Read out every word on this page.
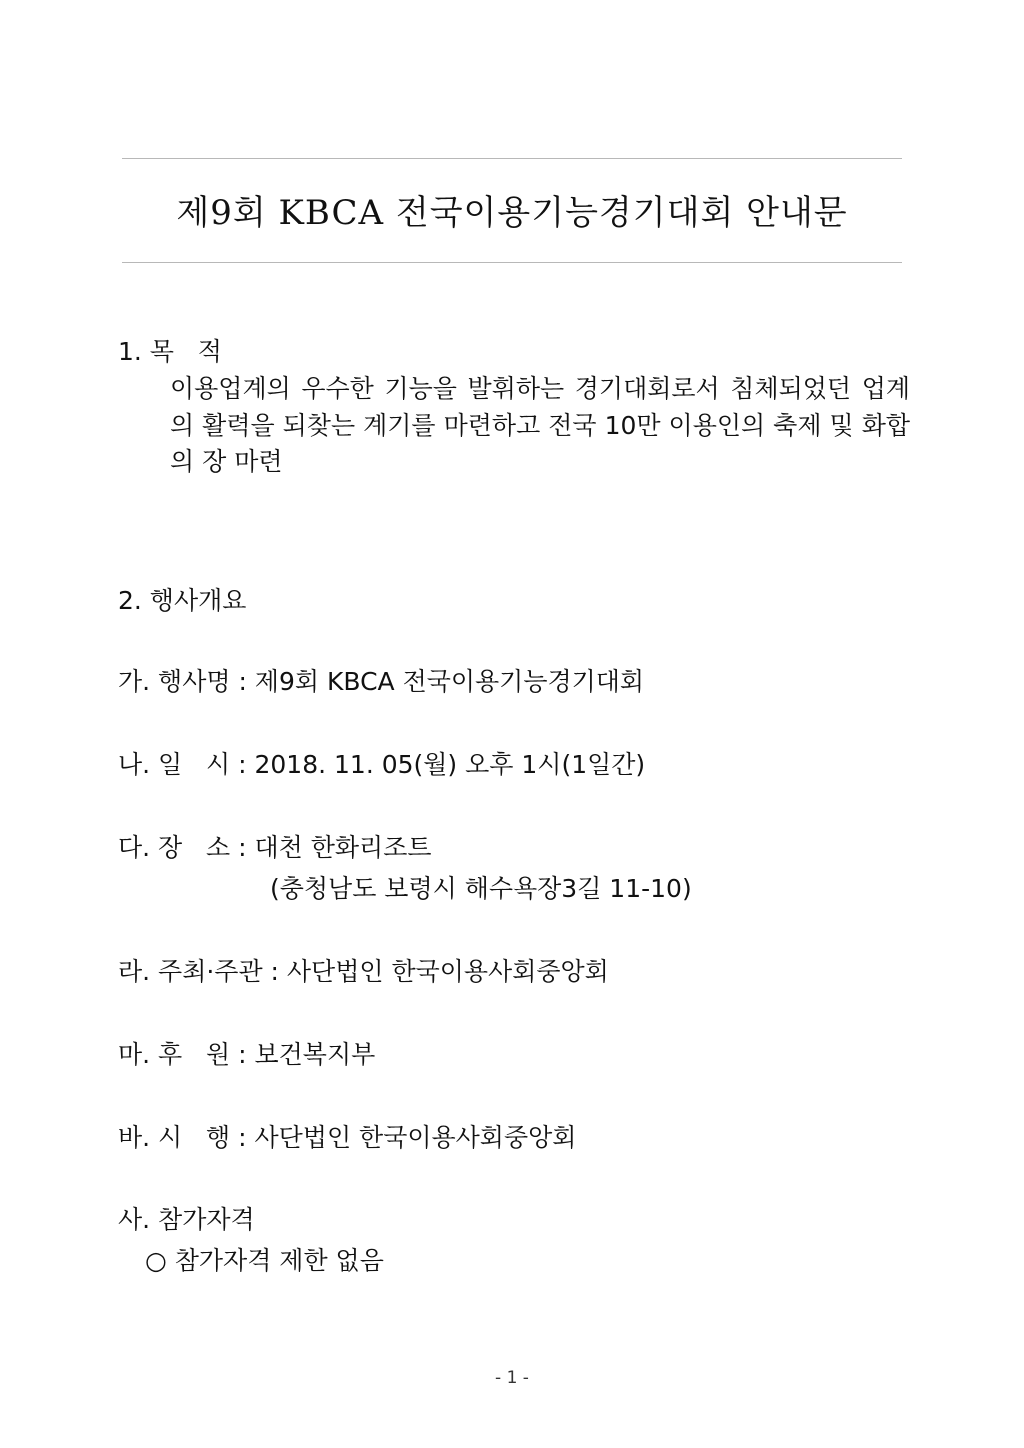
제9회 KBCA 전국이용기능경기대회 안내문
1. 목   적
이용업계의 우수한 기능을 발휘하는 경기대회로서 침체되었던 업계의 활력을 되찾는 계기를 마련하고 전국 10만 이용인의 축제 및 화합의 장 마련
2. 행사개요
가. 행사명 : 제9회 KBCA 전국이용기능경기대회
나. 일   시 : 2018. 11. 05(월) 오후 1시(1일간)
다. 장   소 : 대천 한화리조트
(충청남도 보령시 해수욕장3길 11-10)
라. 주최·주관 : 사단법인 한국이용사회중앙회
마. 후   원 : 보건복지부
바. 시   행 : 사단법인 한국이용사회중앙회
사. 참가자격
○ 참가자격 제한 없음
- 1 -
